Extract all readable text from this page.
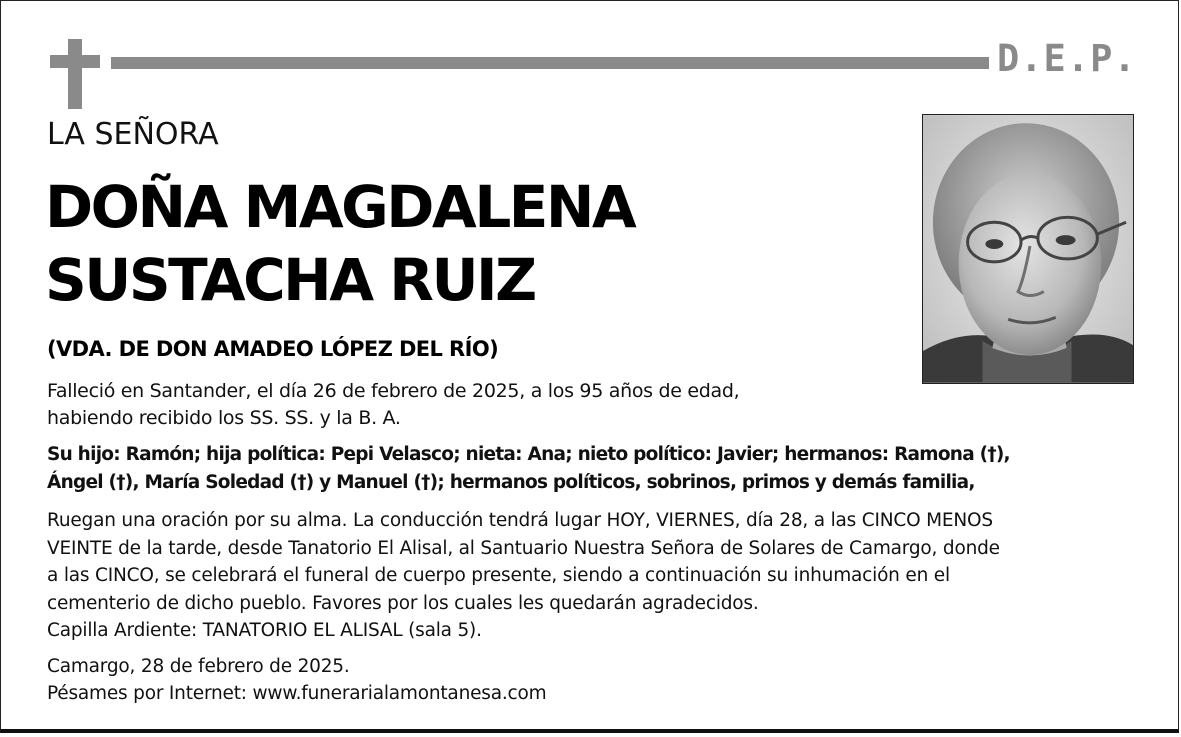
D.E.P.
LA SEÑORA
DOÑA MAGDALENA
SUSTACHA RUIZ
(VDA. DE DON AMADEO LÓPEZ DEL RÍO)
Falleció en Santander, el día 26 de febrero de 2025, a los 95 años de edad,
habiendo recibido los SS. SS. y la B. A.
Su hijo: Ramón; hija política: Pepi Velasco; nieta: Ana; nieto político: Javier; hermanos: Ramona (†),
Ángel (†), María Soledad (†) y Manuel (†); hermanos políticos, sobrinos, primos y demás familia,
Ruegan una oración por su alma. La conducción tendrá lugar HOY, VIERNES, día 28, a las CINCO MENOS
VEINTE de la tarde, desde Tanatorio El Alisal, al Santuario Nuestra Señora de Solares de Camargo, donde
a las CINCO, se celebrará el funeral de cuerpo presente, siendo a continuación su inhumación en el
cementerio de dicho pueblo. Favores por los cuales les quedarán agradecidos.
Capilla Ardiente: TANATORIO EL ALISAL (sala 5).
Camargo, 28 de febrero de 2025.
Pésames por Internet: www.funerarialamontanesa.com
